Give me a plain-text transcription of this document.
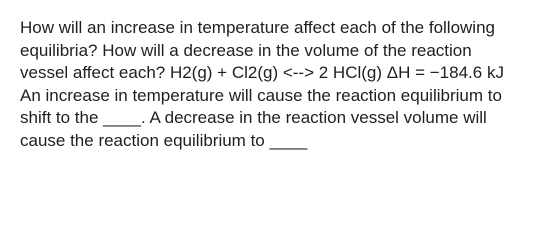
How will an increase in temperature affect each of the following
equilibria? How will a decrease in the volume of the reaction
vessel affect each? H2(g) + Cl2(g) <--> 2 HCl(g) ΔH = −184.6 kJ
An increase in temperature will cause the reaction equilibrium to
shift to the ____. A decrease in the reaction vessel volume will
cause the reaction equilibrium to ____
